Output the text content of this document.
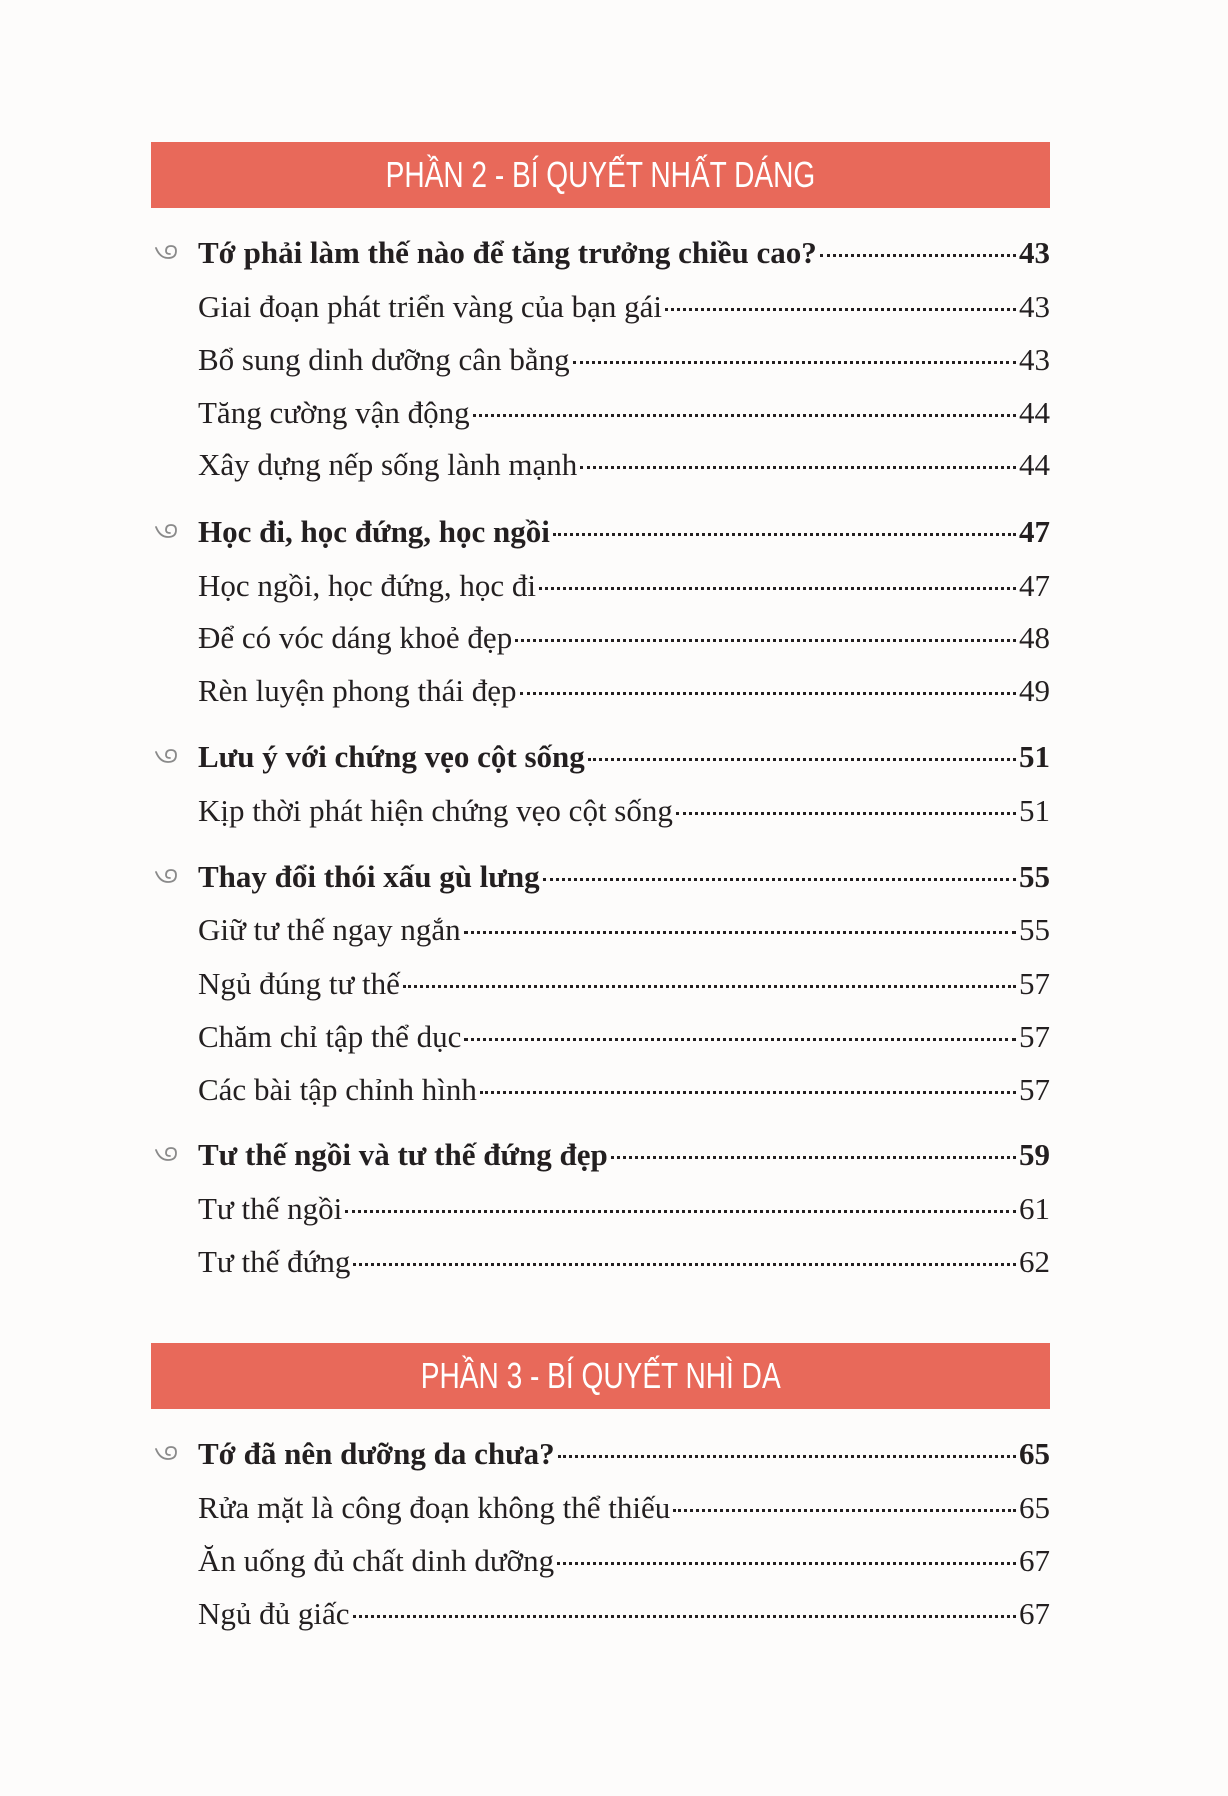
PHẦN 2 - BÍ QUYẾT NHẤT DÁNG
Tớ phải làm thế nào để tăng trưởng chiều cao?	43
Giai đoạn phát triển vàng của bạn gái	43
Bổ sung dinh dưỡng cân bằng	43
Tăng cường vận động	44
Xây dựng nếp sống lành mạnh	44
Học đi, học đứng, học ngồi	47
Học ngồi, học đứng, học đi	47
Để có vóc dáng khoẻ đẹp	48
Rèn luyện phong thái đẹp	49
Lưu ý với chứng vẹo cột sống	51
Kịp thời phát hiện chứng vẹo cột sống	51
Thay đổi thói xấu gù lưng	55
Giữ tư thế ngay ngắn	55
Ngủ đúng tư thế	57
Chăm chỉ tập thể dục	57
Các bài tập chỉnh hình	57
Tư thế ngồi và tư thế đứng đẹp	59
Tư thế ngồi	61
Tư thế đứng	62
PHẦN 3 - BÍ QUYẾT NHÌ DA
Tớ đã nên dưỡng da chưa?	65
Rửa mặt là công đoạn không thể thiếu	65
Ăn uống đủ chất dinh dưỡng	67
Ngủ đủ giấc	67
